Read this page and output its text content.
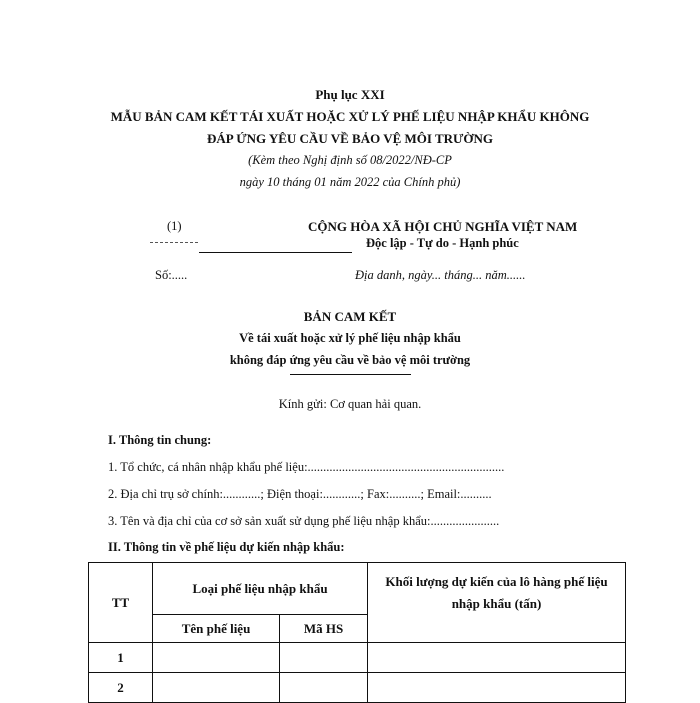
Phụ lục XXI
MẪU BẢN CAM KẾT TÁI XUẤT HOẶC XỬ LÝ PHẾ LIỆU NHẬP KHẨU KHÔNG
ĐÁP ỨNG YÊU CẦU VỀ BẢO VỆ MÔI TRƯỜNG
(Kèm theo Nghị định số 08/2022/NĐ-CP
ngày 10 tháng 01 năm 2022 của Chính phủ)
(1)	CỘNG HÒA XÃ HỘI CHỦ NGHĨA VIỆT NAM
Độc lập - Tự do - Hạnh phúc
Số:.....	Địa danh, ngày... tháng... năm......
BẢN CAM KẾT
Về tái xuất hoặc xử lý phế liệu nhập khẩu
không đáp ứng yêu cầu về bảo vệ môi trường
Kính gửi: Cơ quan hải quan.
I. Thông tin chung:
1. Tổ chức, cá nhân nhập khẩu phế liệu:...............................................................
2. Địa chỉ trụ sở chính:............; Điện thoại:............; Fax:..........; Email:..........
3. Tên và địa chỉ của cơ sở sản xuất sử dụng phế liệu nhập khẩu:......................
II. Thông tin về phế liệu dự kiến nhập khẩu:
TT	Loại phế liệu nhập khẩu		Khối lượng dự kiến của lô hàng phế liệu nhập khẩu (tấn)
	Tên phế liệu	Mã HS	
1			
2			
